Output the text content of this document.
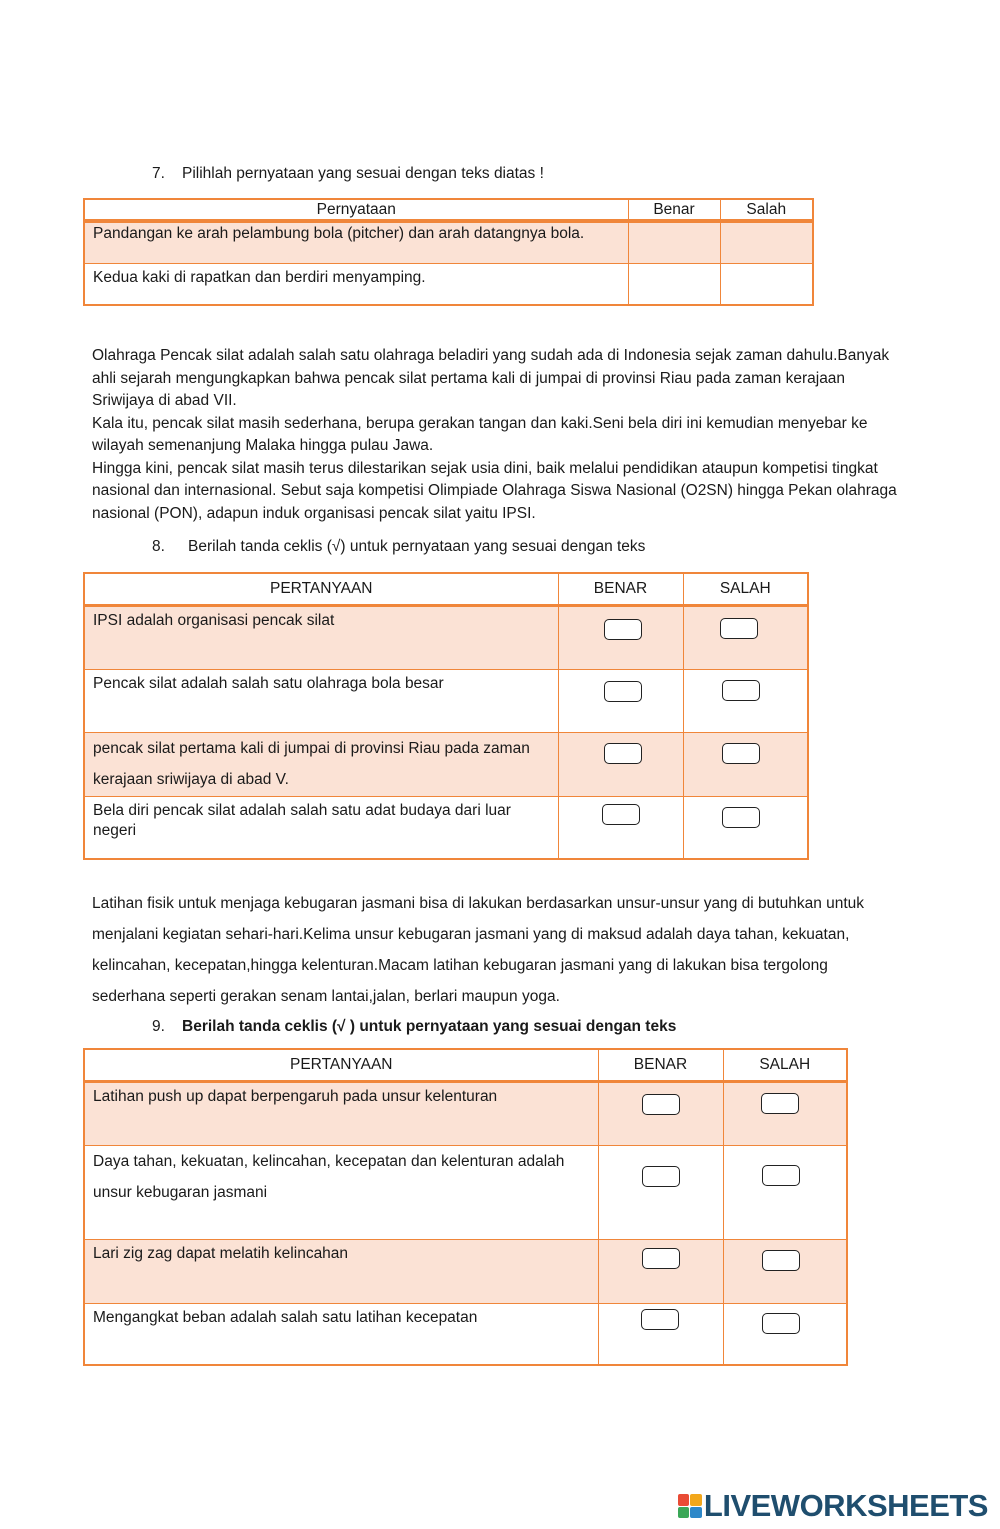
7. Pilihlah pernyataan yang sesuai dengan teks diatas !
Pernyataan	Benar	Salah
Pandangan ke arah pelambung bola (pitcher) dan arah datangnya bola.		
Kedua kaki di rapatkan dan berdiri menyamping.		

Olahraga Pencak silat adalah salah satu olahraga beladiri yang sudah ada di Indonesia sejak zaman dahulu.Banyak ahli sejarah mengungkapkan bahwa pencak silat pertama kali di jumpai di provinsi Riau pada zaman kerajaan Sriwijaya di abad VII.

Kala itu, pencak silat masih sederhana, berupa gerakan tangan dan kaki.Seni bela diri ini kemudian menyebar ke wilayah semenanjung Malaka hingga pulau Jawa.

Hingga kini, pencak silat masih terus dilestarikan sejak usia dini, baik melalui pendidikan ataupun kompetisi tingkat nasional dan internasional. Sebut saja kompetisi Olimpiade Olahraga Siswa Nasional (O2SN) hingga Pekan olahraga nasional (PON), adapun induk organisasi pencak silat yaitu IPSI.

8. Berilah tanda ceklis (√) untuk pernyataan yang sesuai dengan teks
PERTANYAAN	BENAR	SALAH
IPSI adalah organisasi pencak silat	

Pencak silat adalah salah satu olahraga bola besar	

pencak silat pertama kali di jumpai di provinsi Riau pada zaman kerajaan sriwijaya di abad V.	

Bela diri pencak silat adalah salah satu adat budaya dari luar negeri	

Latihan fisik untuk menjaga kebugaran jasmani bisa di lakukan berdasarkan unsur-unsur yang di butuhkan untuk menjalani kegiatan sehari-hari.Kelima unsur kebugaran jasmani yang di maksud adalah daya tahan, kekuatan, kelincahan, kecepatan,hingga kelenturan.Macam latihan kebugaran jasmani yang di lakukan bisa tergolong sederhana seperti gerakan senam lantai,jalan, berlari maupun yoga.

9. Berilah tanda ceklis (√ ) untuk pernyataan yang sesuai dengan teks
PERTANYAAN	BENAR	SALAH
Latihan push up dapat berpengaruh pada unsur kelenturan	

Daya tahan, kekuatan, kelincahan, kecepatan dan kelenturan adalah unsur kebugaran jasmani	

Lari zig zag dapat melatih kelincahan	

Mengangkat beban adalah salah satu latihan kecepatan	

LIVEWORKSHEETS
